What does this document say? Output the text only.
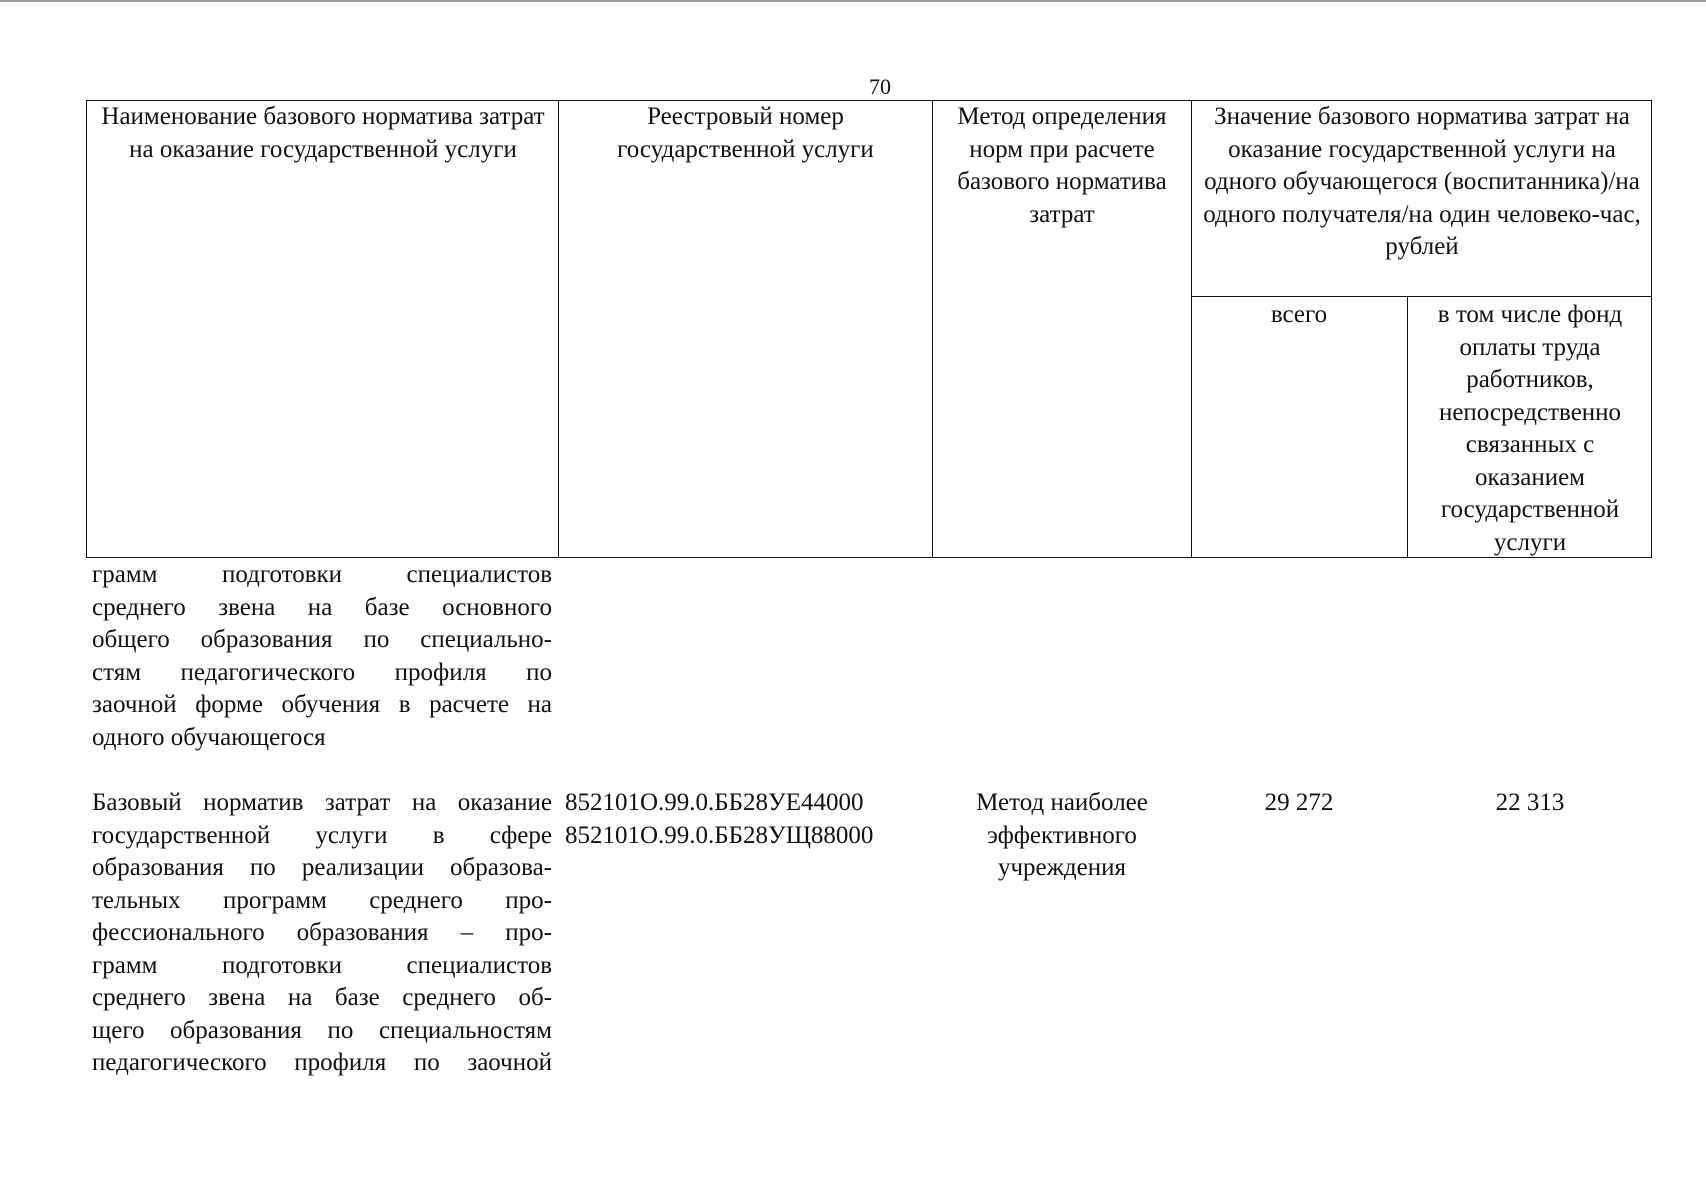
70
Наименование базового норматива затрат на оказание государственной услуги
Реестровый номер государственной услуги
Метод определения норм при расчете базового норматива затрат
Значение базового норматива затрат на оказание государственной услуги на одного обучающегося (воспитанника)/на одного получателя/на один человеко-час, рублей
всего	в том числе фонд оплаты труда работников, непосредственно связанных с оказанием государственной услуги
грамм подготовки специалистов
среднего звена на базе основного
общего образования по специально-
стям педагогического профиля по
заочной форме обучения в расчете на
одного обучающегося
Базовый норматив затрат на оказание
государственной услуги в сфере
образования по реализации образова-
тельных программ среднего про-
фессионального образования – про-
грамм подготовки специалистов
среднего звена на базе среднего об-
щего образования по специальностям
педагогического профиля по заочной
852101О.99.0.ББ28УЕ44000
852101О.99.0.ББ28УЩ88000
Метод наиболее
эффективного
учреждения
29 272	22 313
